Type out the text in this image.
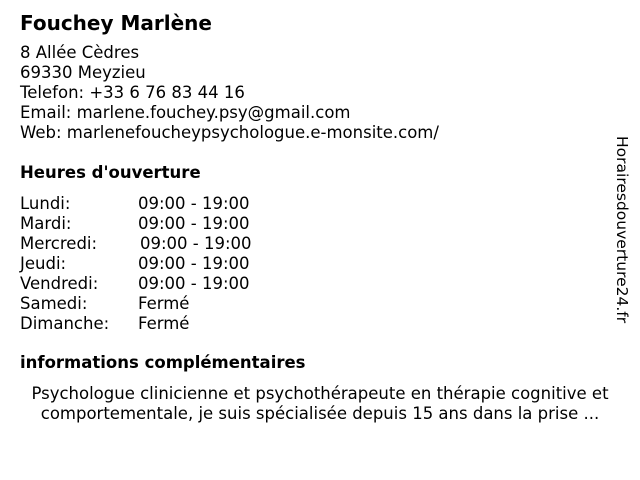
Fouchey Marlène
8 Allée Cèdres
69330 Meyzieu
Telefon: +33 6 76 83 44 16
Email: marlene.fouchey.psy@gmail.com
Web: marlenefoucheypsychologue.e-monsite.com/
Heures d'ouverture
Lundi:	09:00 - 19:00
Mardi:	09:00 - 19:00
Mercredi:	09:00 - 19:00
Jeudi:	09:00 - 19:00
Vendredi: 09:00 - 19:00
Samedi:	Fermé
Dimanche: Fermé
informations complémentaires
Psychologue clinicienne et psychothérapeute en thérapie cognitive et
comportementale, je suis spécialisée depuis 15 ans dans la prise ...
Horairesdouverture24.fr
